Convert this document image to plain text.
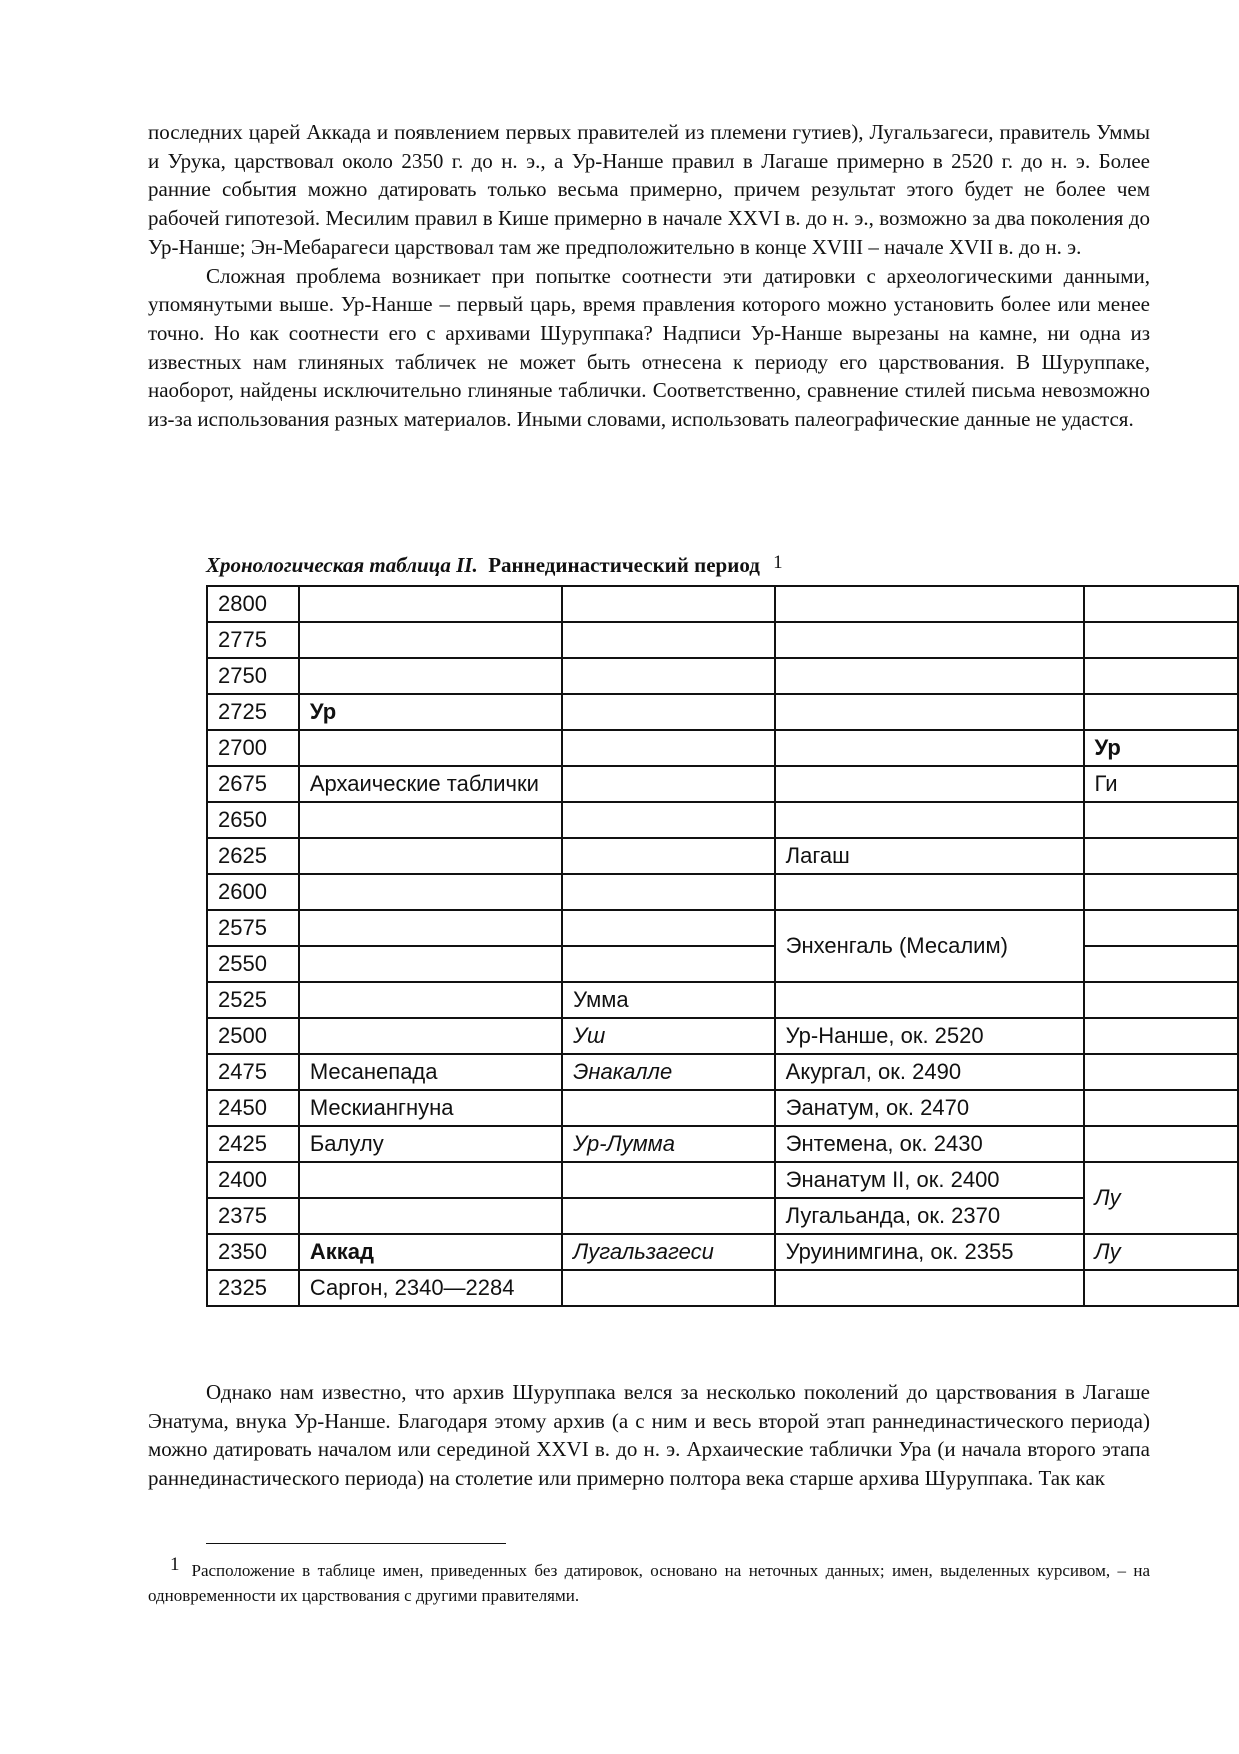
последних царей Аккада и появлением первых правителей из племени гутиев), Лугальзагеси, правитель Уммы и Урука, царствовал около 2350 г. до н. э., а Ур-Нанше правил в Лагаше примерно в 2520 г. до н. э. Более ранние события можно датировать только весьма примерно, причем результат этого будет не более чем рабочей гипотезой. Месилим правил в Кише примерно в начале XXVI в. до н. э., возможно за два поколения до Ур-Нанше; Эн-Мебарагеси царствовал там же предположительно в конце XVIII – начале XVII в. до н. э.

Сложная проблема возникает при попытке соотнести эти датировки с археологическими данными, упомянутыми выше. Ур-Нанше – первый царь, время правления которого можно установить более или менее точно. Но как соотнести его с архивами Шуруппака? Надписи Ур-Нанше вырезаны на камне, ни одна из известных нам глиняных табличек не может быть отнесена к периоду его царствования. В Шуруппаке, наоборот, найдены исключительно глиняные таблички. Соответственно, сравнение стилей письма невозможно из-за использования разных материалов. Иными словами, использовать палеографические данные не удастся.

Хронологическая таблица II. Раннединастический период $^1$
2800				
2775				
2750				
2725	Ур			
2700				Ур
2675	Архаические таблички			Ги
2650				
2625			Лагаш	
2600				
2575			Энхенгаль (Месалим)	
2550				
2525		Умма		
2500		Уш	Ур-Нанше, ок. 2520	
2475	Месанепада	Энакалле	Акургал, ок. 2490	
2450	Мескиангнуна		Эанатум, ок. 2470	
2425	Балулу	Ур-Лумма	Энтемена, ок. 2430	
2400			Энанатум II, ок. 2400	Лу
2375			Лугальанда, ок. 2370	
2350	Аккад	Лугальзагеси	Уруинимгина, ок. 2355	Лу
2325	Саргон, 2340—2284			

Однако нам известно, что архив Шуруппака велся за несколько поколений до царствования в Лагаше Энатума, внука Ур-Нанше. Благодаря этому архив (а с ним и весь второй этап раннединастического периода) можно датировать началом или серединой XXVI в. до н. э. Архаические таблички Ура (и начала второго этапа раннединастического периода) на столетие или примерно полтора века старше архива Шуруппака. Так как

1 Расположение в таблице имен, приведенных без датировок, основано на неточных данных; имен, выделенных курсивом, – на одновременности их царствования с другими правителями.
